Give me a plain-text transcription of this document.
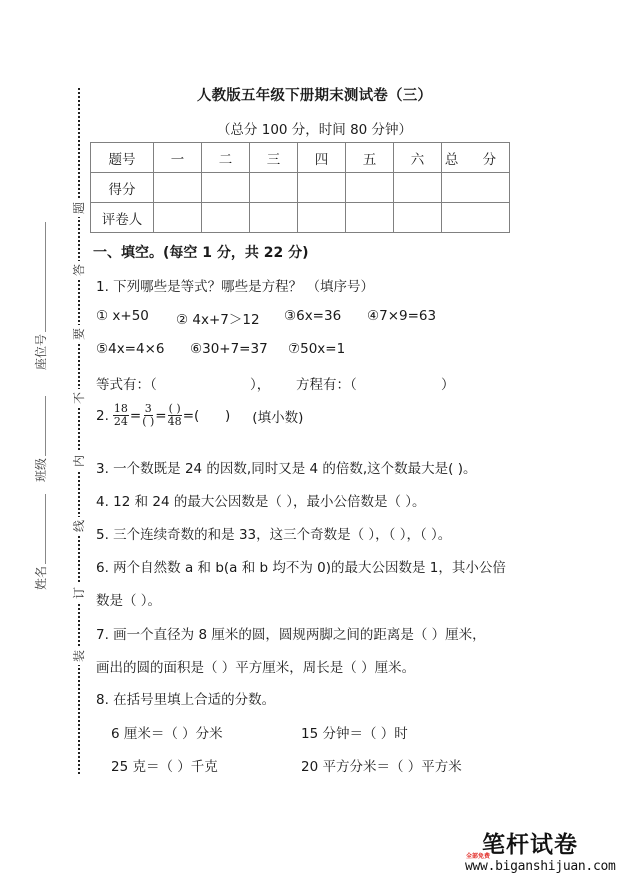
题
答
要
不
内
线
订
装
座位号
班级
姓名
人教版五年级下册期末测试卷（三）
（总分 100 分，时间 80 分钟）
题号	一	二	三	四	五	六	总 分
得分							
评卷人							
一、填空。(每空 1 分，共 22 分)
1. 下列哪些是等式？哪些是方程？ （填序号）
① x+50 ② 4x+7＞12 ③6x=36 ④7×9=63
⑤4x=4×6 ⑥30+7=37 ⑦50x=1
等式有：（	）， 方程有：（	）
2. $\frac{18}{24} = \frac{3}{( )} = \frac{( )}{48}$ =(      ) (填小数)
3. 一个数既是 24 的因数,同时又是 4 的倍数,这个数最大是( )。
4. 12 和 24 的最大公因数是（ ），最小公倍数是（ ）。
5. 三个连续奇数的和是 33，这三个奇数是（ ），（ ），（ ）。
6. 两个自然数 a 和 b(a 和 b 均不为 0)的最大公因数是 1，其小公倍
数是（ ）。
7. 画一个直径为 8 厘米的圆，圆规两脚之间的距离是（ ）厘米，
画出的圆的面积是（ ）平方厘米，周长是（ ）厘米。
8. 在括号里填上合适的分数。
6 厘米＝（ ）分米	15 分钟＝（ ）时
25 克＝（ ）千克	20 平方分米＝（ ）平方米
笔杆试卷
全部免费
www.biganshijuan.com
